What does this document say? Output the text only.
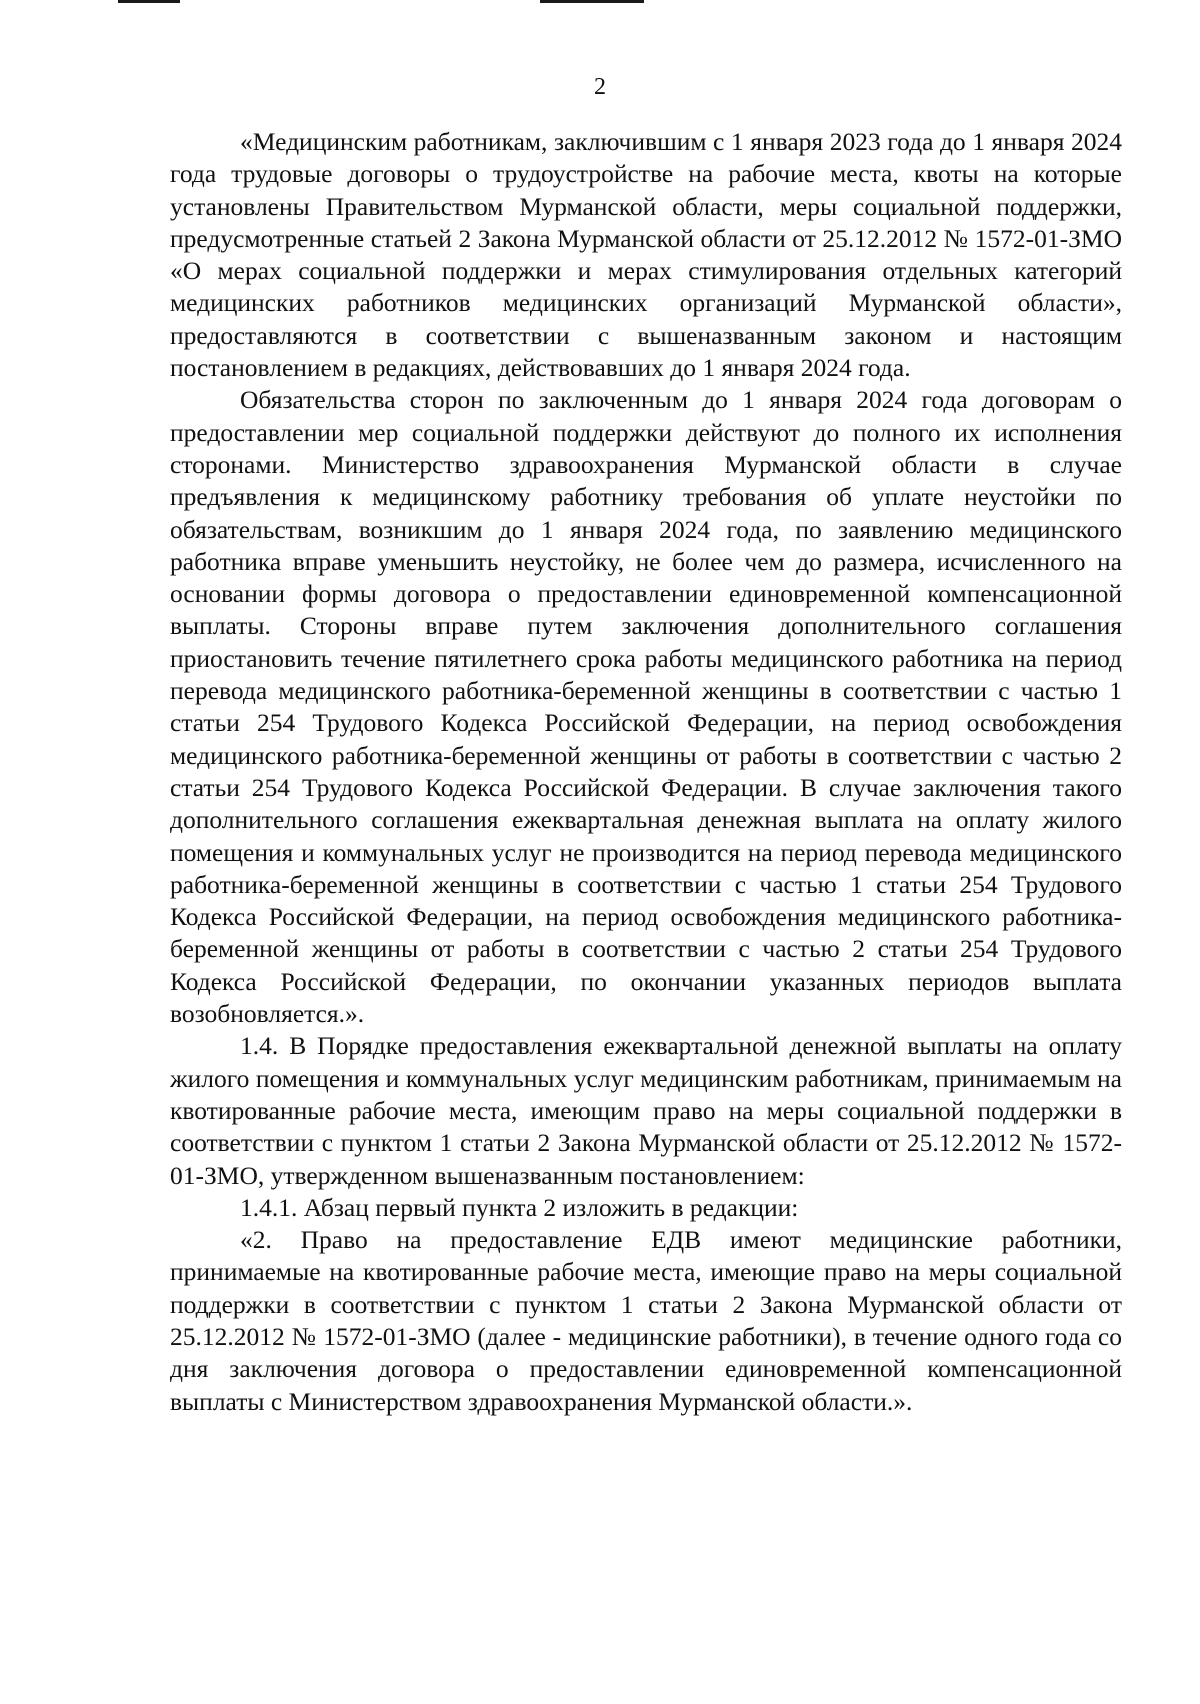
2

«Медицинским работникам, заключившим с 1 января 2023 года до 1 января 2024 года трудовые договоры о трудоустройстве на рабочие места, квоты на которые установлены Правительством Мурманской области, меры социальной поддержки, предусмотренные статьей 2 Закона Мурманской области от 25.12.2012 № 1572-01-ЗМО «О мерах социальной поддержки и мерах стимулирования отдельных категорий медицинских работников медицинских организаций Мурманской области», предоставляются в соответствии с вышеназванным законом и настоящим постановлением в редакциях, действовавших до 1 января 2024 года.

Обязательства сторон по заключенным до 1 января 2024 года договорам о предоставлении мер социальной поддержки действуют до полного их исполнения сторонами. Министерство здравоохранения Мурманской области в случае предъявления к медицинскому работнику требования об уплате неустойки по обязательствам, возникшим до 1 января 2024 года, по заявлению медицинского работника вправе уменьшить неустойку, не более чем до размера, исчисленного на основании формы договора о предоставлении единовременной компенсационной выплаты. Стороны вправе путем заключения дополнительного соглашения приостановить течение пятилетнего срока работы медицинского работника на период перевода медицинского работника-беременной женщины в соответствии с частью 1 статьи 254 Трудового Кодекса Российской Федерации, на период освобождения медицинского работника-беременной женщины от работы в соответствии с частью 2 статьи 254 Трудового Кодекса Российской Федерации. В случае заключения такого дополнительного соглашения ежеквартальная денежная выплата на оплату жилого помещения и коммунальных услуг не производится на период перевода медицинского работника-беременной женщины в соответствии с частью 1 статьи 254 Трудового Кодекса Российской Федерации, на период освобождения медицинского работника-беременной женщины от работы в соответствии с частью 2 статьи 254 Трудового Кодекса Российской Федерации, по окончании указанных периодов выплата возобновляется.».

1.4. В Порядке предоставления ежеквартальной денежной выплаты на оплату жилого помещения и коммунальных услуг медицинским работникам, принимаемым на квотированные рабочие места, имеющим право на меры социальной поддержки в соответствии с пунктом 1 статьи 2 Закона Мурманской области от 25.12.2012 № 1572-01-ЗМО, утвержденном вышеназванным постановлением:

1.4.1. Абзац первый пункта 2 изложить в редакции:

«2. Право на предоставление ЕДВ имеют медицинские работники, принимаемые на квотированные рабочие места, имеющие право на меры социальной поддержки в соответствии с пунктом 1 статьи 2 Закона Мурманской области от 25.12.2012 № 1572-01-ЗМО (далее - медицинские работники), в течение одного года со дня заключения договора о предоставлении единовременной компенсационной выплаты с Министерством здравоохранения Мурманской области.».
